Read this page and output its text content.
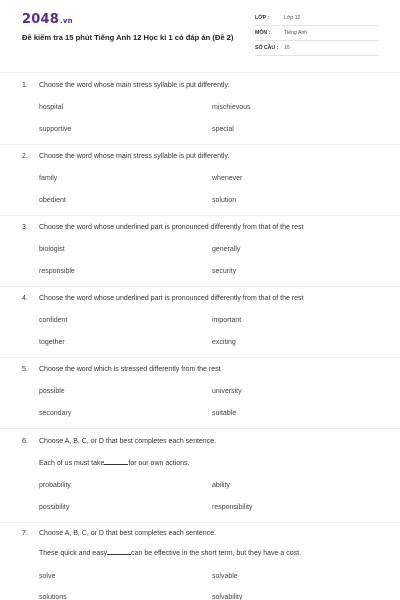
2048.vn
Đề kiểm tra 15 phút Tiếng Anh 12 Học kì 1 có đáp án (Đề 2)
LỚP :	Lớp 12
MÔN :	Tiếng Anh
SỐ CÂU : 15
1. Choose the word whose main stress syllable is put differently.
hospital	mischievous
supportive	special
2. Choose the word whose main stress syllable is put differently.
family	whenever
obedient	solution
3. Choose the word whose underlined part is pronounced differently from that of the rest
biologist	generally
responsible	security
4. Choose the word whose underlined part is pronounced differently from that of the rest
confident	important
together	exciting
5. Choose the word which is stressed differently from the rest
possible	university
secondary	suitable
6. Choose A, B, C, or D that best completes each sentence.
Each of us must take	for our own actions.
probability	ability
possibility	responsibility
7. Choose A, B, C, or D that best completes each sentence.
These quick and easy	can be effective in the short term, but they have a cost.
solve	solvable
solutions	solvability
